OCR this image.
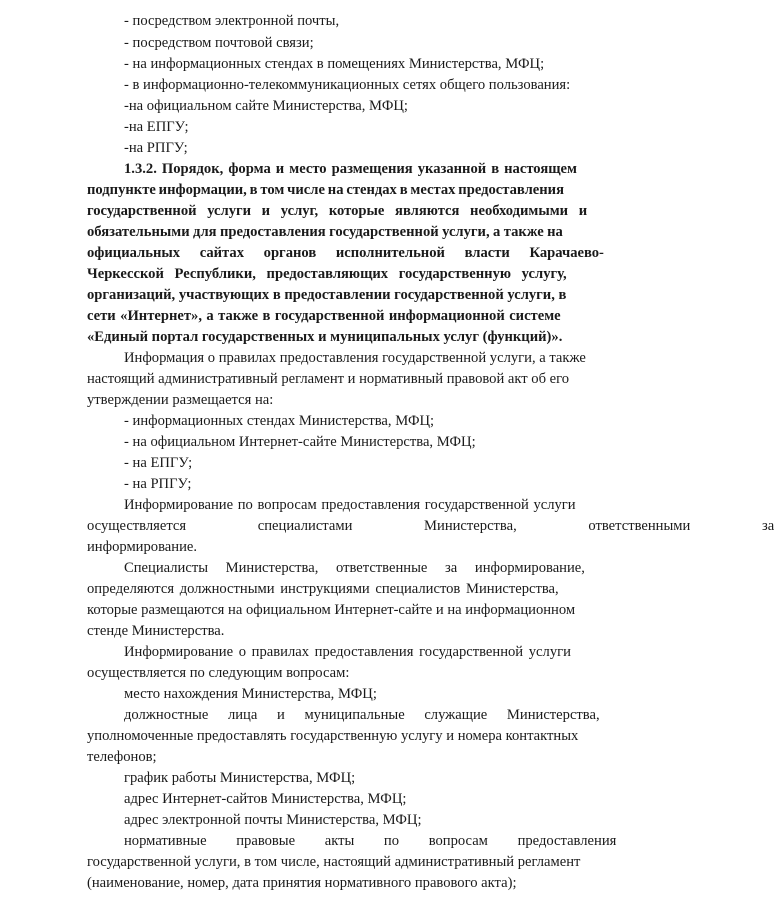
- посредством электронной почты,

- посредством почтовой связи;

- на информационных стендах в помещениях Министерства, МФЦ;

- в информационно-телекоммуникационных сетях общего пользования:

-на официальном сайте Министерства, МФЦ;

-на ЕПГУ;

-на РПГУ;

1.3.2. Порядок, форма и место размещения указанной в настоящем

подпункте информации, в том числе на стендах в местах предоставления

государственной услуги и услуг, которые являются необходимыми и

обязательными для предоставления государственной услуги, а также на

официальных сайтах органов исполнительной власти Карачаево-

Черкесской Республики, предоставляющих государственную услугу,

организаций, участвующих в предоставлении государственной услуги, в

сети «Интернет», а также в государственной информационной системе

«Единый портал государственных и муниципальных услуг (функций)».

Информация о правилах предоставления государственной услуги, а также

настоящий административный регламент и нормативный правовой акт об его

утверждении размещается на:

- информационных стендах Министерства, МФЦ;

- на официальном Интернет-сайте Министерства, МФЦ;

- на ЕПГУ;

- на РПГУ;

Информирование по вопросам предоставления государственной услуги

осуществляется специалистами Министерства, ответственными за

информирование.

Специалисты Министерства, ответственные за информирование,

определяются должностными инструкциями специалистов Министерства,

которые размещаются на официальном Интернет-сайте и на информационном

стенде Министерства.

Информирование о правилах предоставления государственной услуги

осуществляется по следующим вопросам:

место нахождения Министерства, МФЦ;

должностные лица и муниципальные служащие Министерства,

уполномоченные предоставлять государственную услугу и номера контактных

телефонов;

график работы Министерства, МФЦ;

адрес Интернет-сайтов Министерства, МФЦ;

адрес электронной почты Министерства, МФЦ;

нормативные правовые акты по вопросам предоставления

государственной услуги, в том числе, настоящий административный регламент

(наименование, номер, дата принятия нормативного правового акта);
